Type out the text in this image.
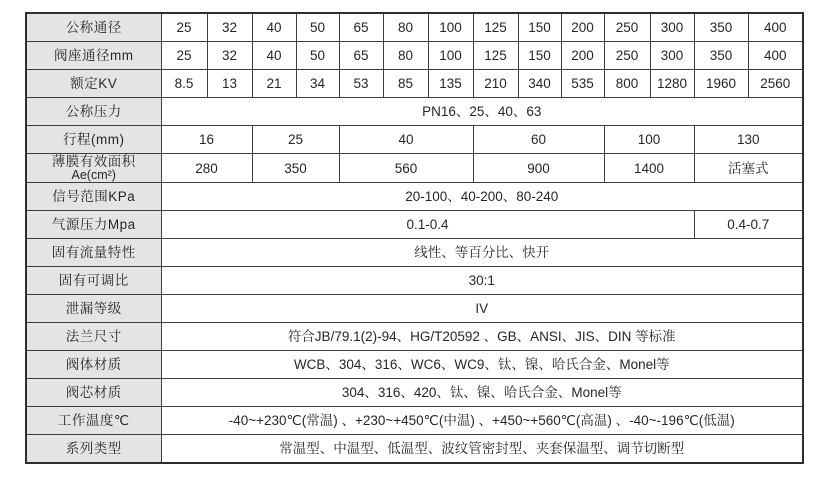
公称通径	25	32	40	50	65	80	100	125	150	200	250	300	350	400
阀座通径mm	25	32	40	50	65	80	100	125	150	200	250	300	350	400
额定KV	8.5	13	21	34	53	85	135	210	340	535	800	1280	1960	2560
公称压力	PN16、25、40、63													
行程(mm)	16		25		40			60			100		130	

薄膜有效面积
Ae(cm²)	280		350		560			900			1400		活塞式	
信号范围KPa	20-100、40-200、80-240													
气源压力Mpa	0.1-0.4												0.4-0.7	
固有流量特性	线性、等百分比、快开													
固有可调比	30:1													
泄漏等级	IV													
法兰尺寸	符合JB/79.1(2)-94、HG/T20592 、GB、ANSI、JIS、DIN 等标准													
阀体材质	WCB、304、316、WC6、WC9、钛、镍、哈氏合金、Monel等													
阀芯材质	304、316、420、钛、镍、哈氏合金、Monel等													
工作温度℃	-40~+230℃(常温) 、+230~+450℃(中温) 、+450~+560℃(高温) 、-40~-196℃(低温)													
系列类型	常温型、中温型、低温型、波纹管密封型、夹套保温型、调节切断型													
